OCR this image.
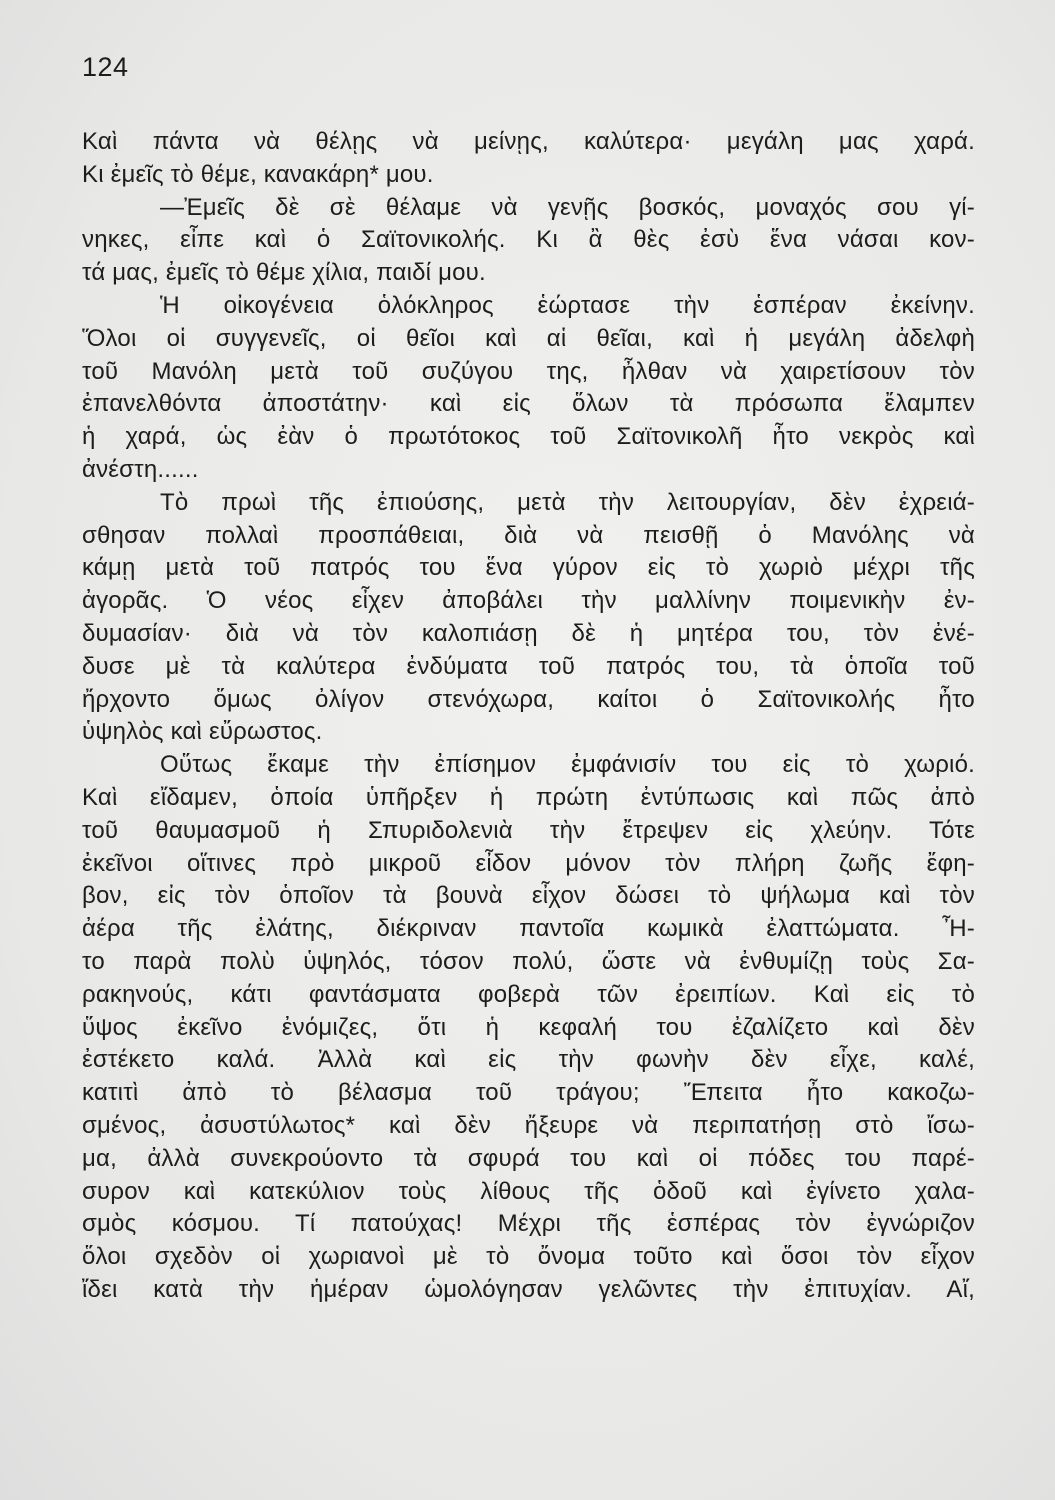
124
Καὶ πάντα νὰ θέλῃς νὰ μείνῃς, καλύτερα· μεγάλη μας χαρά.
Κι ἐμεῖς τὸ θέμε, κανακάρη* μου.
—Ἐμεῖς δὲ σὲ θέλαμε νὰ γενῇς βοσκός, μοναχός σου γί-
νηκες, εἶπε καὶ ὁ Σαϊτονικολής. Κι ἂ θὲς ἐσὺ ἕνα νάσαι κον-
τά μας, ἐμεῖς τὸ θέμε χίλια, παιδί μου.
Ἡ οἰκογένεια ὁλόκληρος ἑώρτασε τὴν ἑσπέραν ἐκείνην.
Ὅλοι οἱ συγγενεῖς, οἱ θεῖοι καὶ αἱ θεῖαι, καὶ ἡ μεγάλη ἀδελφὴ
τοῦ Μανόλη μετὰ τοῦ συζύγου της, ἦλθαν νὰ χαιρετίσουν τὸν
ἐπανελθόντα ἀποστάτην· καὶ εἰς ὅλων τὰ πρόσωπα ἔλαμπεν
ἡ χαρά, ὡς ἐὰν ὁ πρωτότοκος τοῦ Σαϊτονικολῆ ἦτο νεκρὸς καὶ
ἀνέστη......
Τὸ πρωὶ τῆς ἐπιούσης, μετὰ τὴν λειτουργίαν, δὲν ἐχρειά-
σθησαν πολλαὶ προσπάθειαι, διὰ νὰ πεισθῇ ὁ Μανόλης νὰ
κάμῃ μετὰ τοῦ πατρός του ἕνα γύρον εἰς τὸ χωριὸ μέχρι τῆς
ἀγορᾶς. Ὁ νέος εἶχεν ἀποβάλει τὴν μαλλίνην ποιμενικὴν ἐν-
δυμασίαν· διὰ νὰ τὸν καλοπιάσῃ δὲ ἡ μητέρα του, τὸν ἐνέ-
δυσε μὲ τὰ καλύτερα ἐνδύματα τοῦ πατρός του, τὰ ὁποῖα τοῦ
ἤρχοντο ὅμως ὀλίγον στενόχωρα, καίτοι ὁ Σαϊτονικολής ἦτο
ὑψηλὸς καὶ εὔρωστος.
Οὕτως ἔκαμε τὴν ἐπίσημον ἐμφάνισίν του εἰς τὸ χωριό.
Καὶ εἴδαμεν, ὁποία ὑπῆρξεν ἡ πρώτη ἐντύπωσις καὶ πῶς ἀπὸ
τοῦ θαυμασμοῦ ἡ Σπυριδολενιὰ τὴν ἔτρεψεν εἰς χλεύην. Τότε
ἐκεῖνοι οἵτινες πρὸ μικροῦ εἶδον μόνον τὸν πλήρη ζωῆς ἔφη-
βον, εἰς τὸν ὁποῖον τὰ βουνὰ εἶχον δώσει τὸ ψήλωμα καὶ τὸν
ἀέρα τῆς ἐλάτης, διέκριναν παντοῖα κωμικὰ ἐλαττώματα. Ἦ-
το παρὰ πολὺ ὑψηλός, τόσον πολύ, ὥστε νὰ ἐνθυμίζῃ τοὺς Σα-
ρακηνούς, κάτι φαντάσματα φοβερὰ τῶν ἐρειπίων. Καὶ εἰς τὸ
ὕψος ἐκεῖνο ἐνόμιζες, ὅτι ἡ κεφαλή του ἐζαλίζετο καὶ δὲν
ἐστέκετο καλά. Ἀλλὰ καὶ εἰς τὴν φωνὴν δὲν εἶχε, καλέ,
κατιτὶ ἀπὸ τὸ βέλασμα τοῦ τράγου; Ἔπειτα ἦτο κακοζω-
σμένος, ἀσυστύλωτος* καὶ δὲν ἤξευρε νὰ περιπατήσῃ στὸ ἴσω-
μα, ἀλλὰ συνεκρούοντο τὰ σφυρά του καὶ οἱ πόδες του παρέ-
συρον καὶ κατεκύλιον τοὺς λίθους τῆς ὁδοῦ καὶ ἐγίνετο χαλα-
σμὸς κόσμου. Τί πατούχας! Μέχρι τῆς ἑσπέρας τὸν ἐγνώριζον
ὅλοι σχεδὸν οἱ χωριανοὶ μὲ τὸ ὄνομα τοῦτο καὶ ὅσοι τὸν εἶχον
ἴδει κατὰ τὴν ἡμέραν ὡμολόγησαν γελῶντες τὴν ἐπιτυχίαν. Αἴ,
